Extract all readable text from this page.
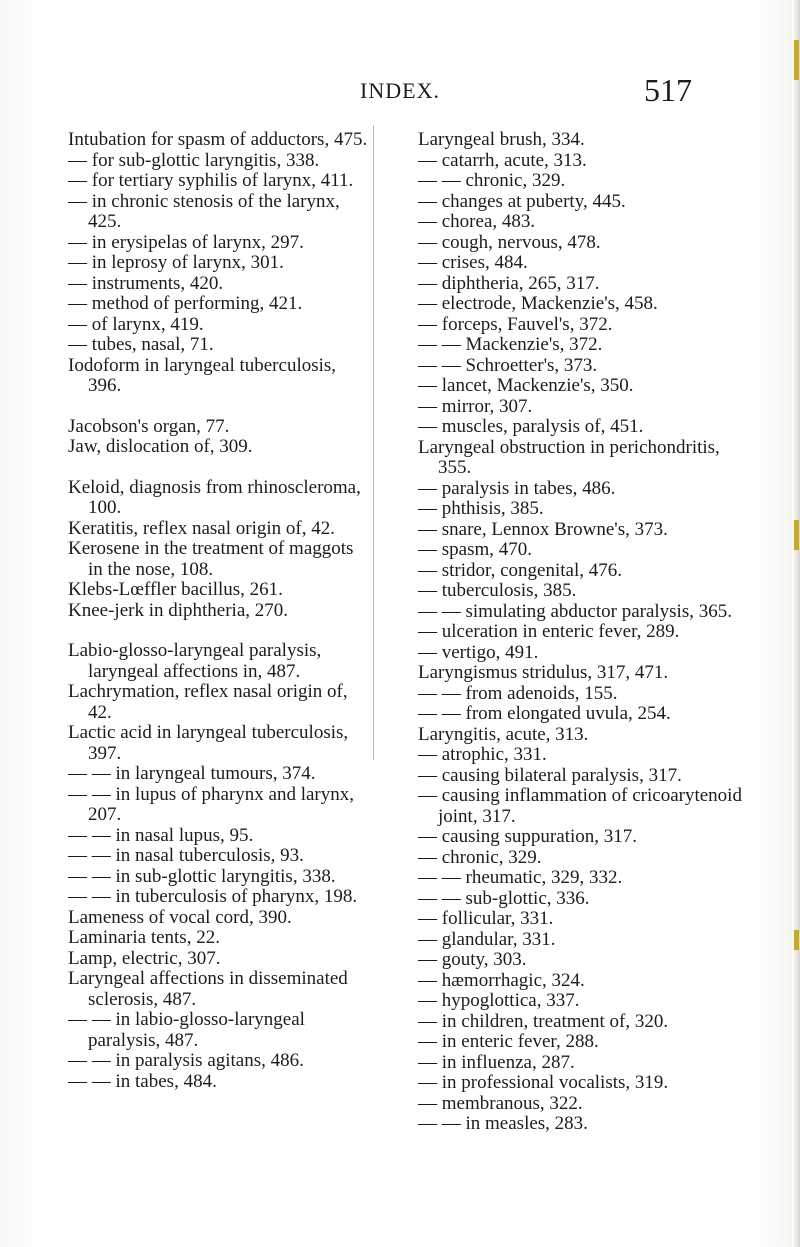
INDEX.	517
Intubation for spasm of adductors, 475.
— for sub-glottic laryngitis, 338.
— for tertiary syphilis of larynx, 411.
— in chronic stenosis of the larynx, 425.
— in erysipelas of larynx, 297.
— in leprosy of larynx, 301.
— instruments, 420.
— method of performing, 421.
— of larynx, 419.
— tubes, nasal, 71.
Iodoform in laryngeal tuberculosis, 396.
Jacobson's organ, 77.
Jaw, dislocation of, 309.
Keloid, diagnosis from rhinoscleroma, 100.
Keratitis, reflex nasal origin of, 42.
Kerosene in the treatment of maggots in the nose, 108.
Klebs-Lœffler bacillus, 261.
Knee-jerk in diphtheria, 270.
Labio-glosso-laryngeal paralysis, laryngeal affections in, 487.
Lachrymation, reflex nasal origin of, 42.
Lactic acid in laryngeal tuberculosis, 397.
— — in laryngeal tumours, 374.
— — in lupus of pharynx and larynx, 207.
— — in nasal lupus, 95.
— — in nasal tuberculosis, 93.
— — in sub-glottic laryngitis, 338.
— — in tuberculosis of pharynx, 198.
Lameness of vocal cord, 390.
Laminaria tents, 22.
Lamp, electric, 307.
Laryngeal affections in disseminated sclerosis, 487.
— — in labio-glosso-laryngeal paralysis, 487.
— — in paralysis agitans, 486.
— — in tabes, 484.
Laryngeal brush, 334.
— catarrh, acute, 313.
— — chronic, 329.
— changes at puberty, 445.
— chorea, 483.
— cough, nervous, 478.
— crises, 484.
— diphtheria, 265, 317.
— electrode, Mackenzie's, 458.
— forceps, Fauvel's, 372.
— — Mackenzie's, 372.
— — Schroetter's, 373.
— lancet, Mackenzie's, 350.
— mirror, 307.
— muscles, paralysis of, 451.
Laryngeal obstruction in perichondritis, 355.
— paralysis in tabes, 486.
— phthisis, 385.
— snare, Lennox Browne's, 373.
— spasm, 470.
— stridor, congenital, 476.
— tuberculosis, 385.
— — simulating abductor paralysis, 365.
— ulceration in enteric fever, 289.
— vertigo, 491.
Laryngismus stridulus, 317, 471.
— — from adenoids, 155.
— — from elongated uvula, 254.
Laryngitis, acute, 313.
— atrophic, 331.
— causing bilateral paralysis, 317.
— causing inflammation of cricoarytenoid joint, 317.
— causing suppuration, 317.
— chronic, 329.
— — rheumatic, 329, 332.
— — sub-glottic, 336.
— follicular, 331.
— glandular, 331.
— gouty, 303.
— hæmorrhagic, 324.
— hypoglottica, 337.
— in children, treatment of, 320.
— in enteric fever, 288.
— in influenza, 287.
— in professional vocalists, 319.
— membranous, 322.
— — in measles, 283.
